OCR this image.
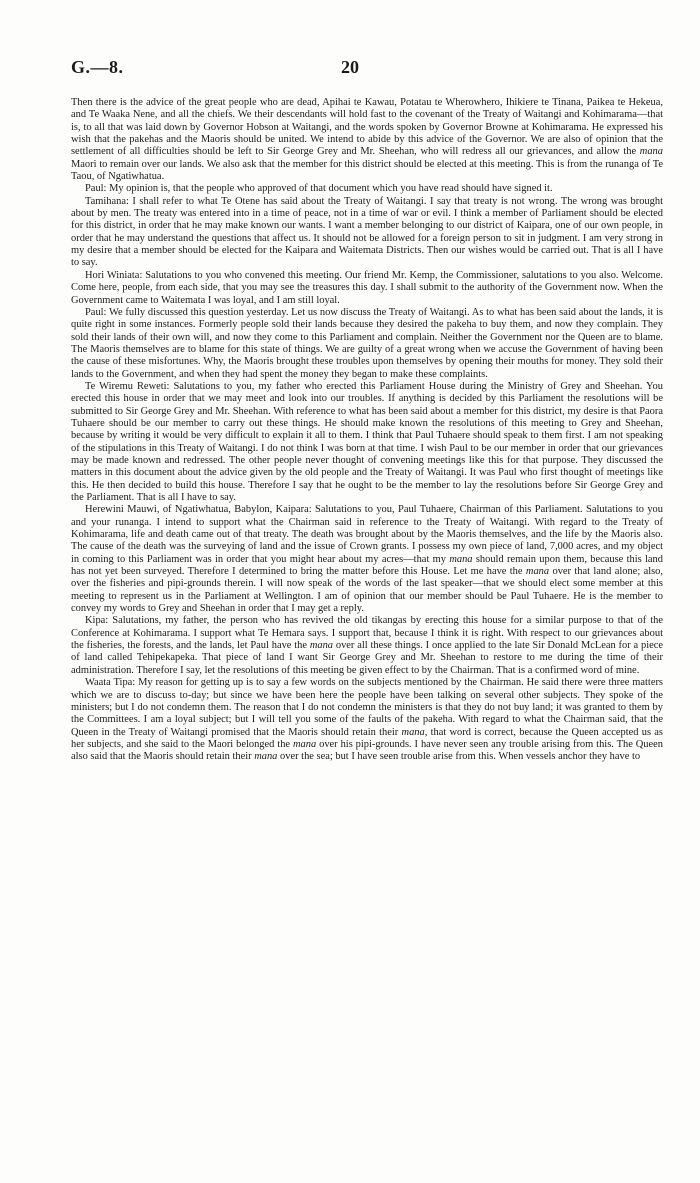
G.—8.	20

Then there is the advice of the great people who are dead, Apihai te Kawau, Potatau te Wherowhero, Ihikiere te Tinana, Paikea te Hekeua, and Te Waaka Nene, and all the chiefs. We their descendants will hold fast to the covenant of the Treaty of Waitangi and Kohimarama—that is, to all that was laid down by Governor Hobson at Waitangi, and the words spoken by Governor Browne at Kohimarama. He expressed his wish that the pakehas and the Maoris should be united. We intend to abide by this advice of the Governor. We are also of opinion that the settlement of all difficulties should be left to Sir George Grey and Mr. Sheehan, who will redress all our grievances, and allow the mana Maori to remain over our lands. We also ask that the member for this district should be elected at this meeting. This is from the runanga of Te Taou, of Ngatiwhatua.

Paul: My opinion is, that the people who approved of that document which you have read should have signed it.

Tamihana: I shall refer to what Te Otene has said about the Treaty of Waitangi. I say that treaty is not wrong. The wrong was brought about by men. The treaty was entered into in a time of peace, not in a time of war or evil. I think a member of Parliament should be elected for this district, in order that he may make known our wants. I want a member belonging to our district of Kaipara, one of our own people, in order that he may understand the questions that affect us. It should not be allowed for a foreign person to sit in judgment. I am very strong in my desire that a member should be elected for the Kaipara and Waitemata Districts. Then our wishes would be carried out. That is all I have to say.

Hori Winiata: Salutations to you who convened this meeting. Our friend Mr. Kemp, the Commissioner, salutations to you also. Welcome. Come here, people, from each side, that you may see the treasures this day. I shall submit to the authority of the Government now. When the Government came to Waitemata I was loyal, and I am still loyal.

Paul: We fully discussed this question yesterday. Let us now discuss the Treaty of Waitangi. As to what has been said about the lands, it is quite right in some instances. Formerly people sold their lands because they desired the pakeha to buy them, and now they complain. They sold their lands of their own will, and now they come to this Parliament and complain. Neither the Government nor the Queen are to blame. The Maoris themselves are to blame for this state of things. We are guilty of a great wrong when we accuse the Government of having been the cause of these misfortunes. Why, the Maoris brought these troubles upon themselves by opening their mouths for money. They sold their lands to the Government, and when they had spent the money they began to make these complaints.

Te Wiremu Reweti: Salutations to you, my father who erected this Parliament House during the Ministry of Grey and Sheehan. You erected this house in order that we may meet and look into our troubles. If anything is decided by this Parliament the resolutions will be submitted to Sir George Grey and Mr. Sheehan. With reference to what has been said about a member for this district, my desire is that Paora Tuhaere should be our member to carry out these things. He should make known the resolutions of this meeting to Grey and Sheehan, because by writing it would be very difficult to explain it all to them. I think that Paul Tuhaere should speak to them first. I am not speaking of the stipulations in this Treaty of Waitangi. I do not think I was born at that time. I wish Paul to be our member in order that our grievances may be made known and redressed. The other people never thought of convening meetings like this for that purpose. They discussed the matters in this document about the advice given by the old people and the Treaty of Waitangi. It was Paul who first thought of meetings like this. He then decided to build this house. Therefore I say that he ought to be the member to lay the resolutions before Sir George Grey and the Parliament. That is all I have to say.

Herewini Mauwi, of Ngatiwhatua, Babylon, Kaipara: Salutations to you, Paul Tuhaere, Chairman of this Parliament. Salutations to you and your runanga. I intend to support what the Chairman said in reference to the Treaty of Waitangi. With regard to the Treaty of Kohimarama, life and death came out of that treaty. The death was brought about by the Maoris themselves, and the life by the Maoris also. The cause of the death was the surveying of land and the issue of Crown grants. I possess my own piece of land, 7,000 acres, and my object in coming to this Parliament was in order that you might hear about my acres—that my mana should remain upon them, because this land has not yet been surveyed. Therefore I determined to bring the matter before this House. Let me have the mana over that land alone; also, over the fisheries and pipi-grounds therein. I will now speak of the words of the last speaker—that we should elect some member at this meeting to represent us in the Parliament at Wellington. I am of opinion that our member should be Paul Tuhaere. He is the member to convey my words to Grey and Sheehan in order that I may get a reply.

Kipa: Salutations, my father, the person who has revived the old tikangas by erecting this house for a similar purpose to that of the Conference at Kohimarama. I support what Te Hemara says. I support that, because I think it is right. With respect to our grievances about the fisheries, the forests, and the lands, let Paul have the mana over all these things. I once applied to the late Sir Donald McLean for a piece of land called Tehipekapeka. That piece of land I want Sir George Grey and Mr. Sheehan to restore to me during the time of their administration. Therefore I say, let the resolutions of this meeting be given effect to by the Chairman. That is a confirmed word of mine.

Waata Tipa: My reason for getting up is to say a few words on the subjects mentioned by the Chairman. He said there were three matters which we are to discuss to-day; but since we have been here the people have been talking on several other subjects. They spoke of the ministers; but I do not condemn them. The reason that I do not condemn the ministers is that they do not buy land; it was granted to them by the Committees. I am a loyal subject; but I will tell you some of the faults of the pakeha. With regard to what the Chairman said, that the Queen in the Treaty of Waitangi promised that the Maoris should retain their mana, that word is correct, because the Queen accepted us as her subjects, and she said to the Maori belonged the mana over his pipi-grounds. I have never seen any trouble arising from this. The Queen also said that the Maoris should retain their mana over the sea; but I have seen trouble arise from this. When vessels anchor they have to
